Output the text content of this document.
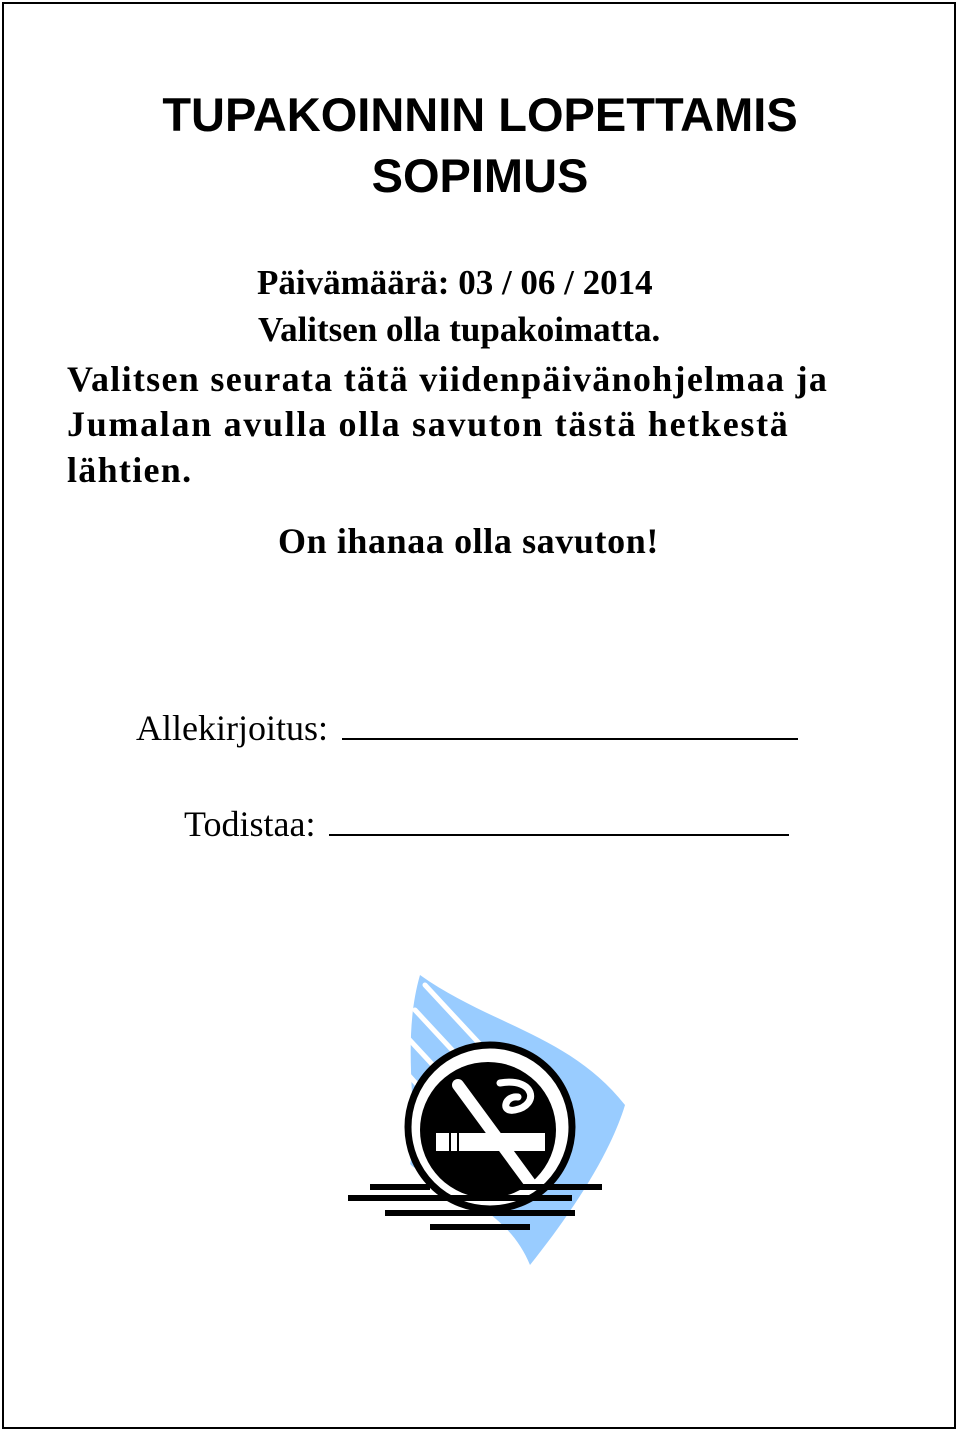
TUPAKOINNIN LOPETTAMIS
SOPIMUS

Päivämäärä: 03 / 06 / 2014

Valitsen olla tupakoimatta.

Valitsen seurata tätä viidenpäivänohjelmaa ja

Jumalan avulla olla savuton tästä hetkestä

lähtien.

On ihanaa olla savuton!

Allekirjoitus:
Todistaa:
